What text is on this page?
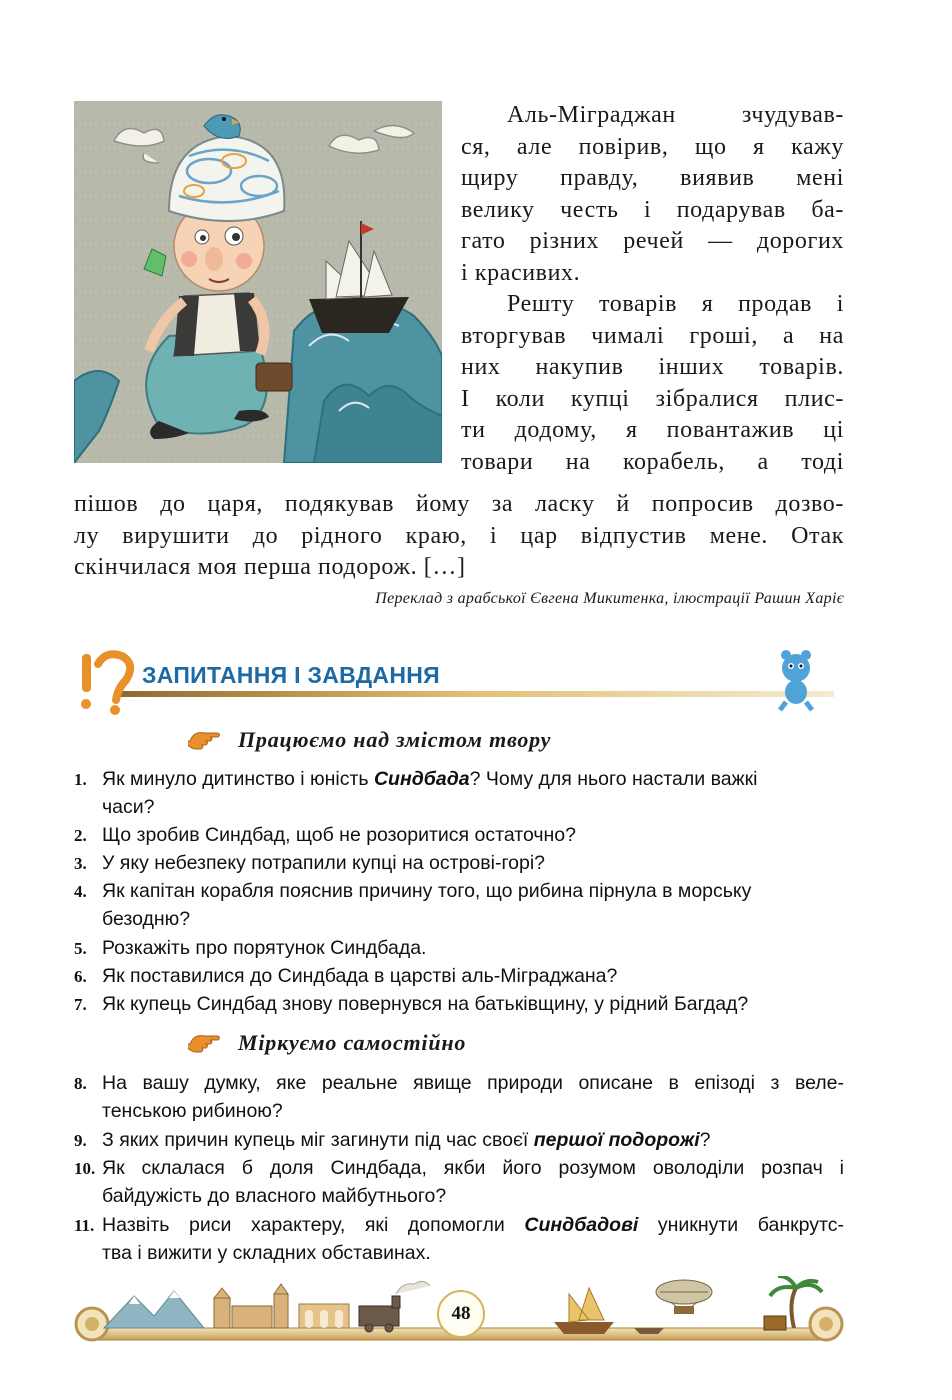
Аль-Міграджан зчудував-
ся, але повірив, що я кажу
щиру правду, виявив мені
велику честь і подарував ба-
гато різних речей — дорогих
і красивих.
Решту товарів я продав і
вторгував чималі гроші, а на
них накупив інших товарів.
І коли купці зібралися плис-
ти додому, я повантажив ці
товари на корабель, а тоді
пішов до царя, подякував йому за ласку й попросив дозво-
лу вирушити до рідного краю, і цар відпустив мене. Отак
скінчилася моя перша подорож. […]
Переклад з арабської Євгена Микитенка, ілюстрації Рашин Харіє
ЗАПИТАННЯ І ЗАВДАННЯ
Працюємо над змістом твору
1. Як минуло дитинство і юність Синдбада? Чому для нього настали важкі
часи?
2. Що зробив Синдбад, щоб не розоритися остаточно?
3. У яку небезпеку потрапили купці на острові-горі?
4. Як капітан корабля пояснив причину того, що рибина пірнула в морську
безодню?
5. Розкажіть про порятунок Синдбада.
6. Як поставилися до Синдбада в царстві аль-Міграджана?
7. Як купець Синдбад знову повернувся на батьківщину, у рідний Багдад?
Міркуємо самостійно
8. На вашу думку, яке реальне явище природи описане в епізоді з веле-
тенською рибиною?
9. З яких причин купець міг загинути під час своєї першої подорожі?
10. Як склалася б доля Синдбада, якби його розумом оволоділи розпач і
байдужість до власного майбутнього?
11. Назвіть риси характеру, які допомогли Синдбадові уникнути банкрутс-
тва і вижити у складних обставинах.
48
